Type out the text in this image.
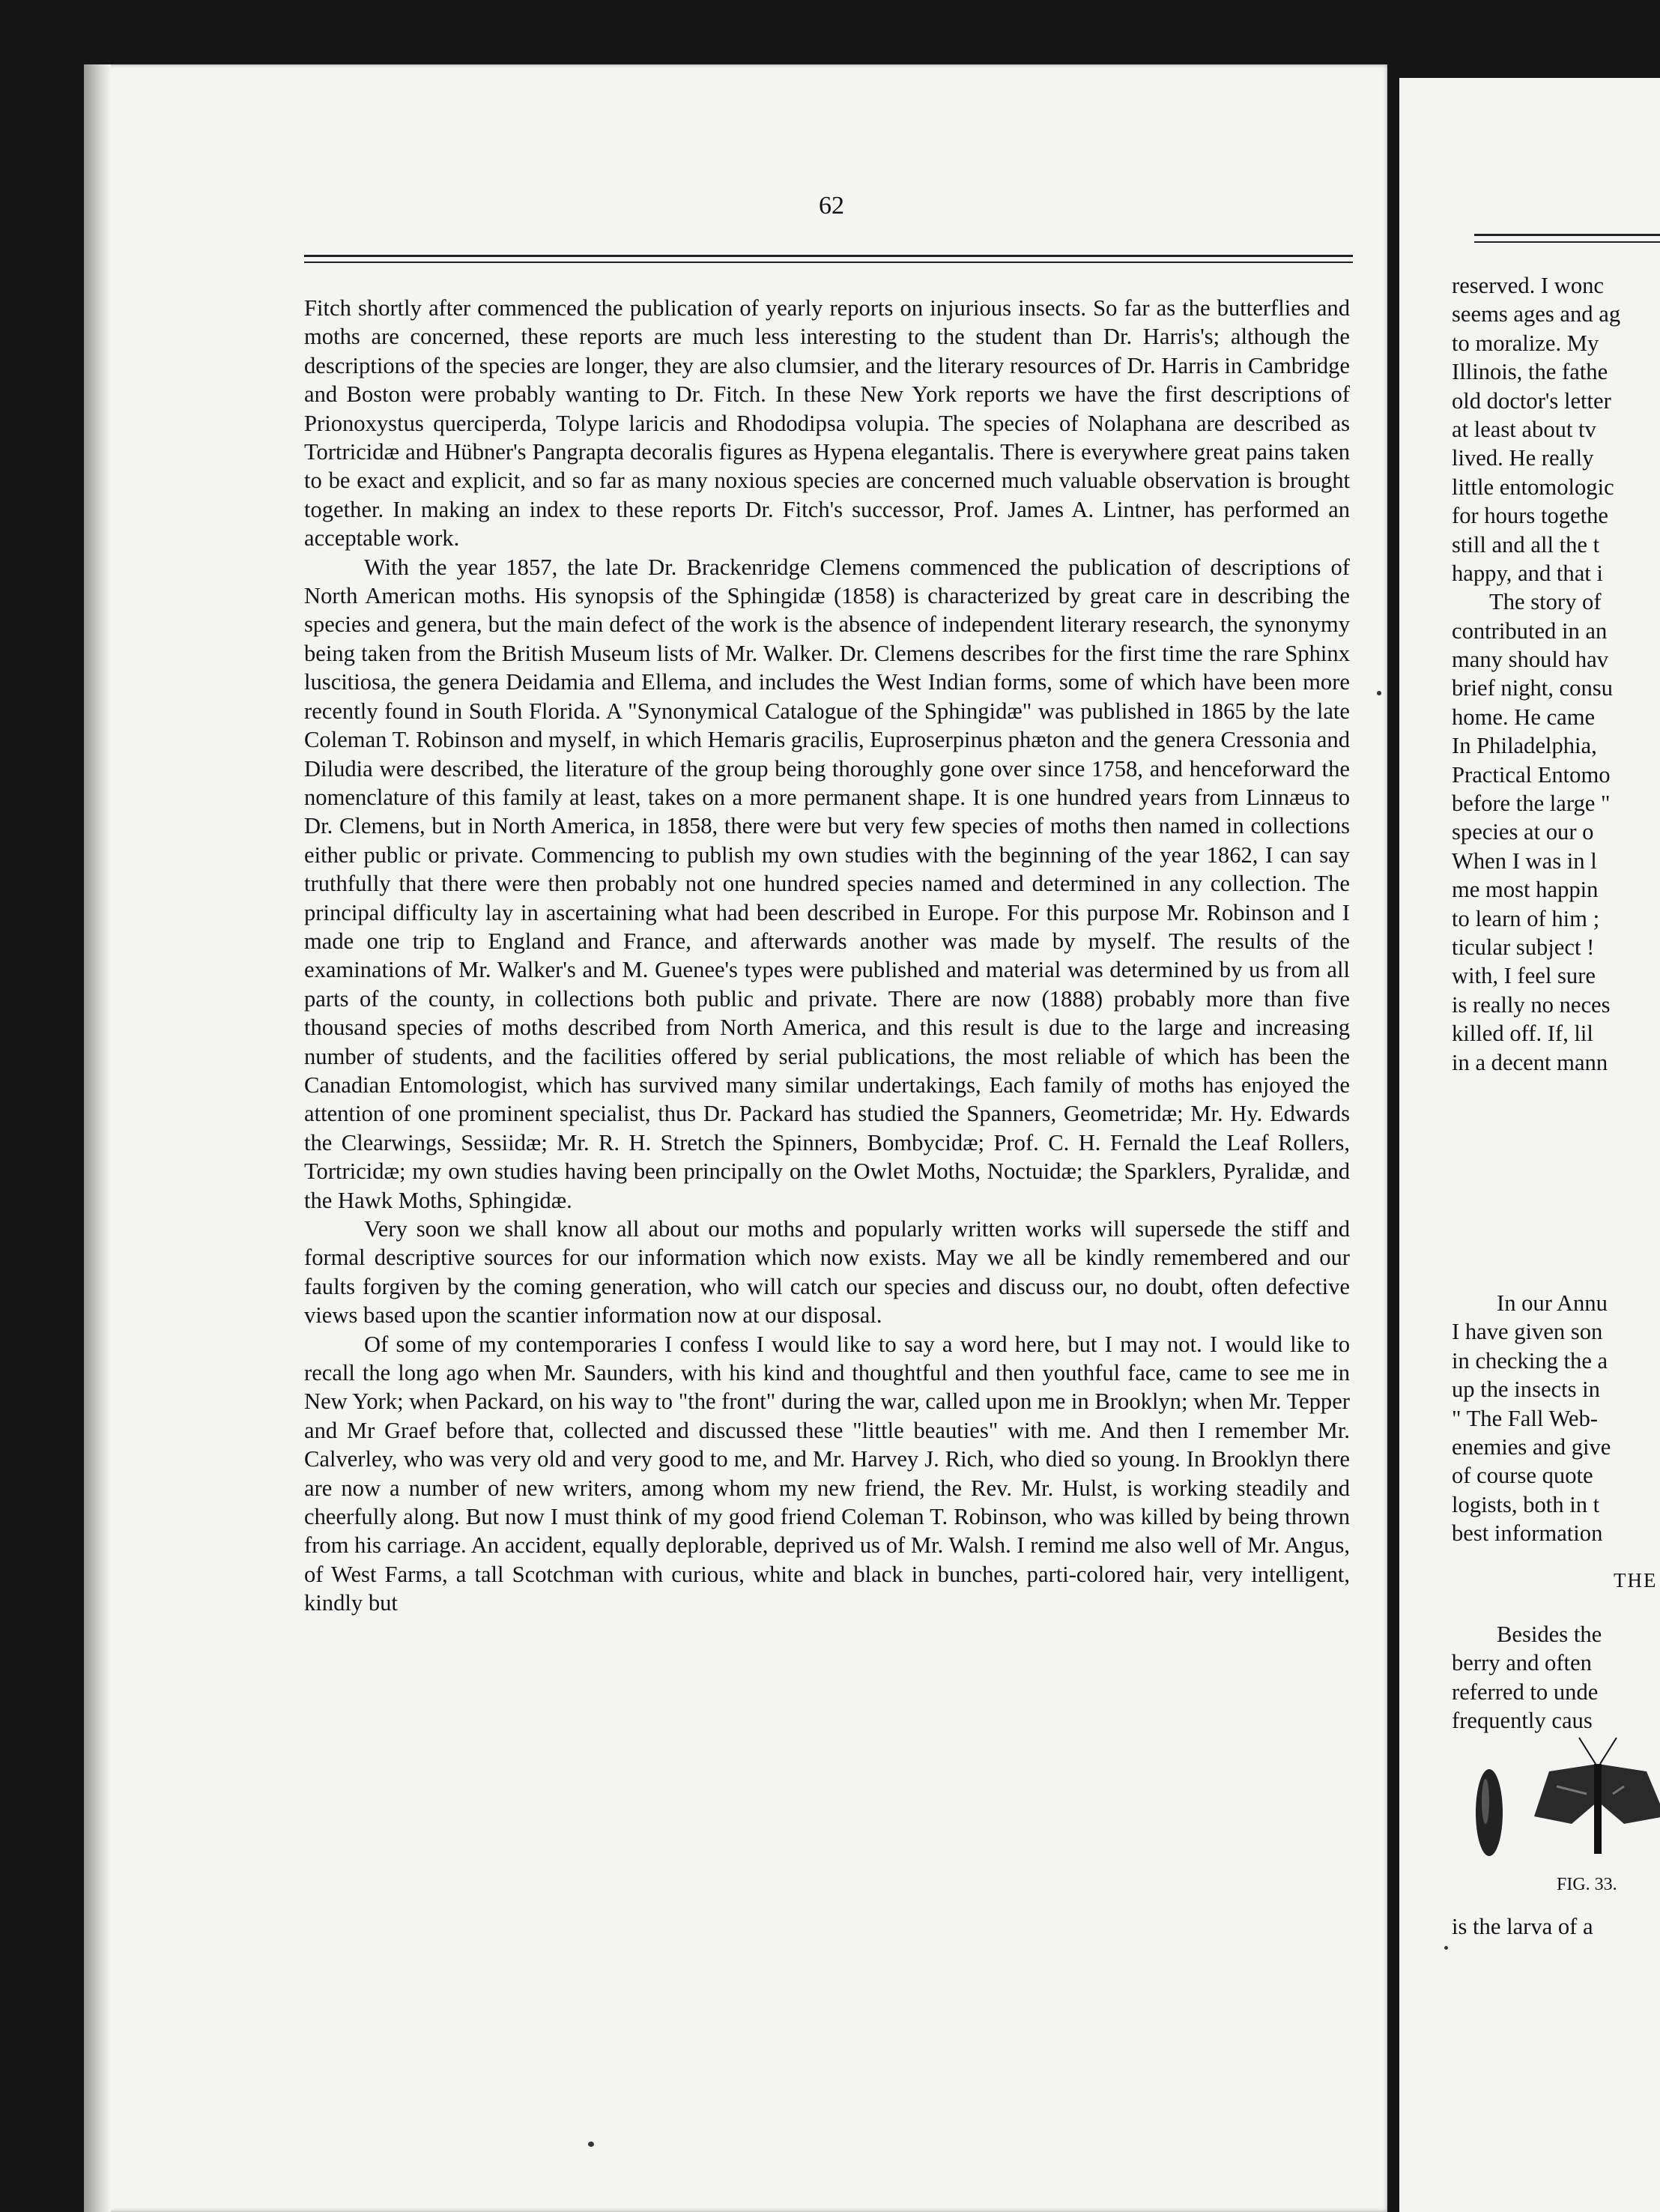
62

Fitch shortly after commenced the publication of yearly reports on injurious insects. So far as the butterflies and moths are concerned, these reports are much less interesting to the student than Dr. Harris's; although the descriptions of the species are longer, they are also clumsier, and the literary resources of Dr. Harris in Cambridge and Boston were probably wanting to Dr. Fitch. In these New York reports we have the first descriptions of Prionoxystus querciperda, Tolype laricis and Rhododipsa volupia. The species of Nolaphana are described as Tortricidæ and Hübner's Pangrapta decoralis figures as Hypena elegantalis. There is everywhere great pains taken to be exact and explicit, and so far as many noxious species are concerned much valuable observation is brought together. In making an index to these reports Dr. Fitch's successor, Prof. James A. Lintner, has performed an acceptable work.

With the year 1857, the late Dr. Brackenridge Clemens commenced the publication of descriptions of North American moths. His synopsis of the Sphingidæ (1858) is characterized by great care in describing the species and genera, but the main defect of the work is the absence of independent literary research, the synonymy being taken from the British Museum lists of Mr. Walker. Dr. Clemens describes for the first time the rare Sphinx luscitiosa, the genera Deidamia and Ellema, and includes the West Indian forms, some of which have been more recently found in South Florida. A "Synonymical Catalogue of the Sphingidæ" was published in 1865 by the late Coleman T. Robinson and myself, in which Hemaris gracilis, Euproserpinus phæton and the genera Cressonia and Diludia were described, the literature of the group being thoroughly gone over since 1758, and henceforward the nomenclature of this family at least, takes on a more permanent shape. It is one hundred years from Linnæus to Dr. Clemens, but in North America, in 1858, there were but very few species of moths then named in collections either public or private. Commencing to publish my own studies with the beginning of the year 1862, I can say truthfully that there were then probably not one hundred species named and determined in any collection. The principal difficulty lay in ascertaining what had been described in Europe. For this purpose Mr. Robinson and I made one trip to England and France, and afterwards another was made by myself. The results of the examinations of Mr. Walker's and M. Guenee's types were published and material was determined by us from all parts of the county, in collections both public and private. There are now (1888) probably more than five thousand species of moths described from North America, and this result is due to the large and increasing number of students, and the facilities offered by serial publications, the most reliable of which has been the Canadian Entomologist, which has survived many similar undertakings, Each family of moths has enjoyed the attention of one prominent specialist, thus Dr. Packard has studied the Spanners, Geometridæ; Mr. Hy. Edwards the Clearwings, Sessiidæ; Mr. R. H. Stretch the Spinners, Bombycidæ; Prof. C. H. Fernald the Leaf Rollers, Tortricidæ; my own studies having been principally on the Owlet Moths, Noctuidæ; the Sparklers, Pyralidæ, and the Hawk Moths, Sphingidæ.

Very soon we shall know all about our moths and popularly written works will supersede the stiff and formal descriptive sources for our information which now exists. May we all be kindly remembered and our faults forgiven by the coming generation, who will catch our species and discuss our, no doubt, often defective views based upon the scantier information now at our disposal.

Of some of my contemporaries I confess I would like to say a word here, but I may not. I would like to recall the long ago when Mr. Saunders, with his kind and thoughtful and then youthful face, came to see me in New York; when Packard, on his way to "the front" during the war, called upon me in Brooklyn; when Mr. Tepper and Mr Graef before that, collected and discussed these "little beauties" with me. And then I remember Mr. Calverley, who was very old and very good to me, and Mr. Harvey J. Rich, who died so young. In Brooklyn there are now a number of new writers, among whom my new friend, the Rev. Mr. Hulst, is working steadily and cheerfully along. But now I must think of my good friend Coleman T. Robinson, who was killed by being thrown from his carriage. An accident, equally deplorable, deprived us of Mr. Walsh. I remind me also well of Mr. Angus, of West Farms, a tall Scotchman with curious, white and black in bunches, parti-colored hair, very intelligent, kindly but

reserved. I wonc
seems ages and ag
to moralize. My
Illinois, the fathe
old doctor's letter
at least about tv
lived. He really
little entomologic
for hours togethe
still and all the t
happy, and that i
The story of
contributed in an
many should hav
brief night, consu
home. He came
In Philadelphia,
Practical Entomo
before the large "
species at our o
When I was in l
me most happin
to learn of him ;
ticular subject !
with, I feel sure
is really no neces
killed off. If, lil
in a decent mann
In our Annu
I have given son
in checking the a
up the insects in
" The Fall Web-
enemies and give
of course quote
logists, both in t
best information
THE
Besides the
berry and often
referred to unde
frequently caus
FIG. 33.
is the larva of a
